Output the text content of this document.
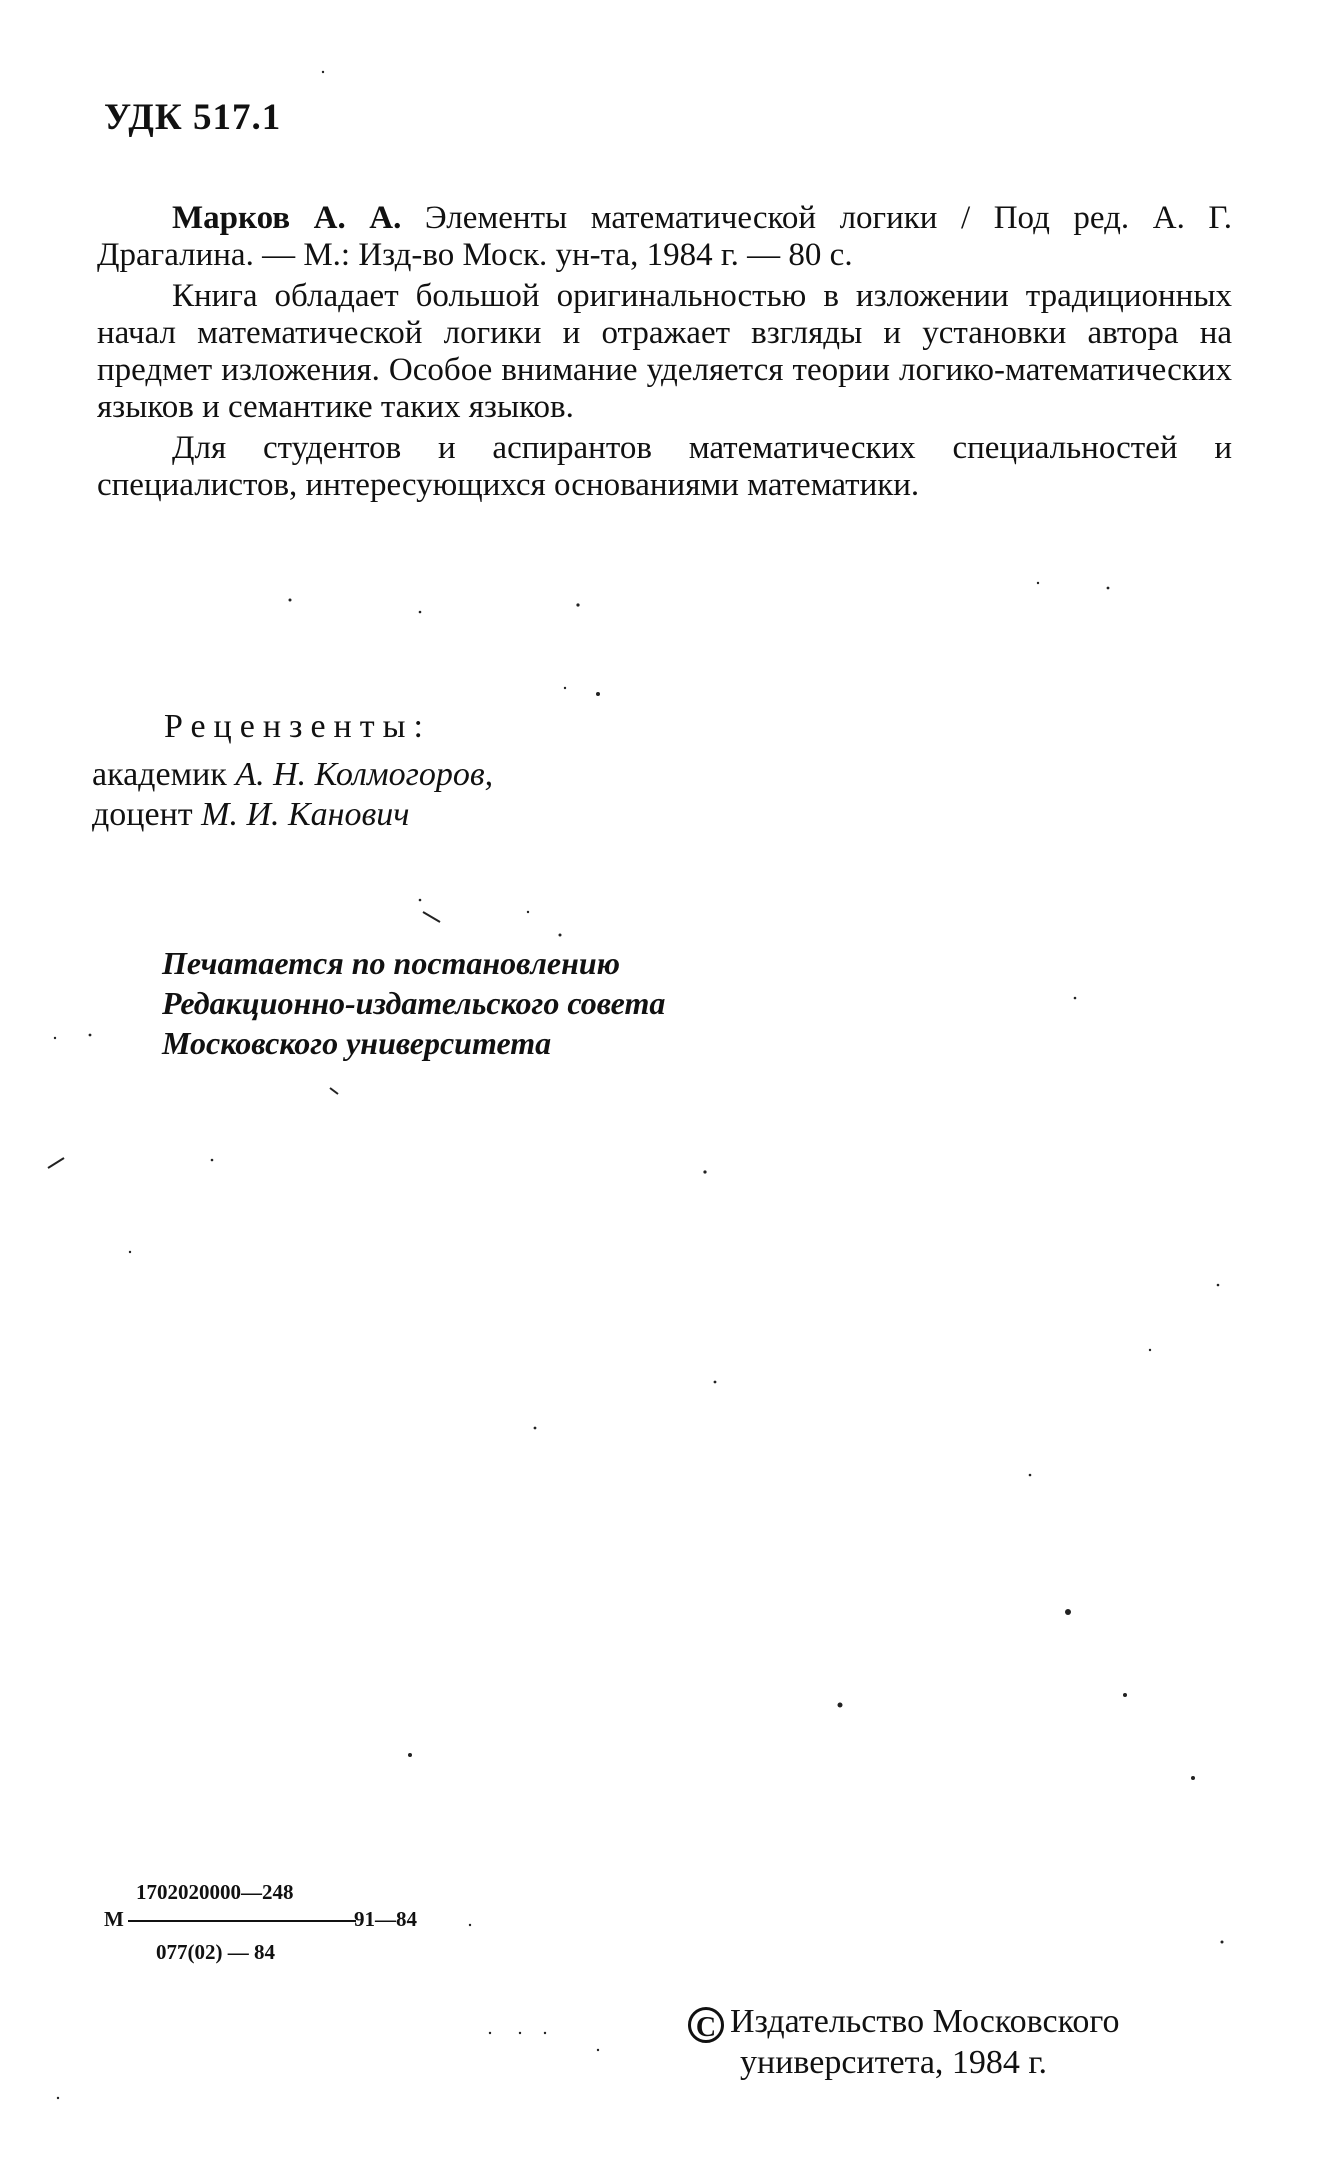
УДК 517.1

Марков А. А. Элементы математической логики / Под ред. А. Г. Драгалина. — М.: Изд-во Моск. ун-та, 1984 г. — 80 с.

Книга обладает большой оригинальностью в изложении традиционных начал математической логики и отражает взгляды и установки автора на предмет изложения. Особое внимание уделяется теории логико-математических языков и семантике таких языков.

Для студентов и аспирантов математических специальностей и специалистов, интересующихся основаниями математики.

Рецензенты:
академик А. Н. Колмогоров,
доцент М. И. Канович
Печатается по постановлению
Редакционно-издательского совета
Московского университета
1702020000—248
М	91—84
077(02) — 84
C Издательство Московского
университета, 1984 г.
